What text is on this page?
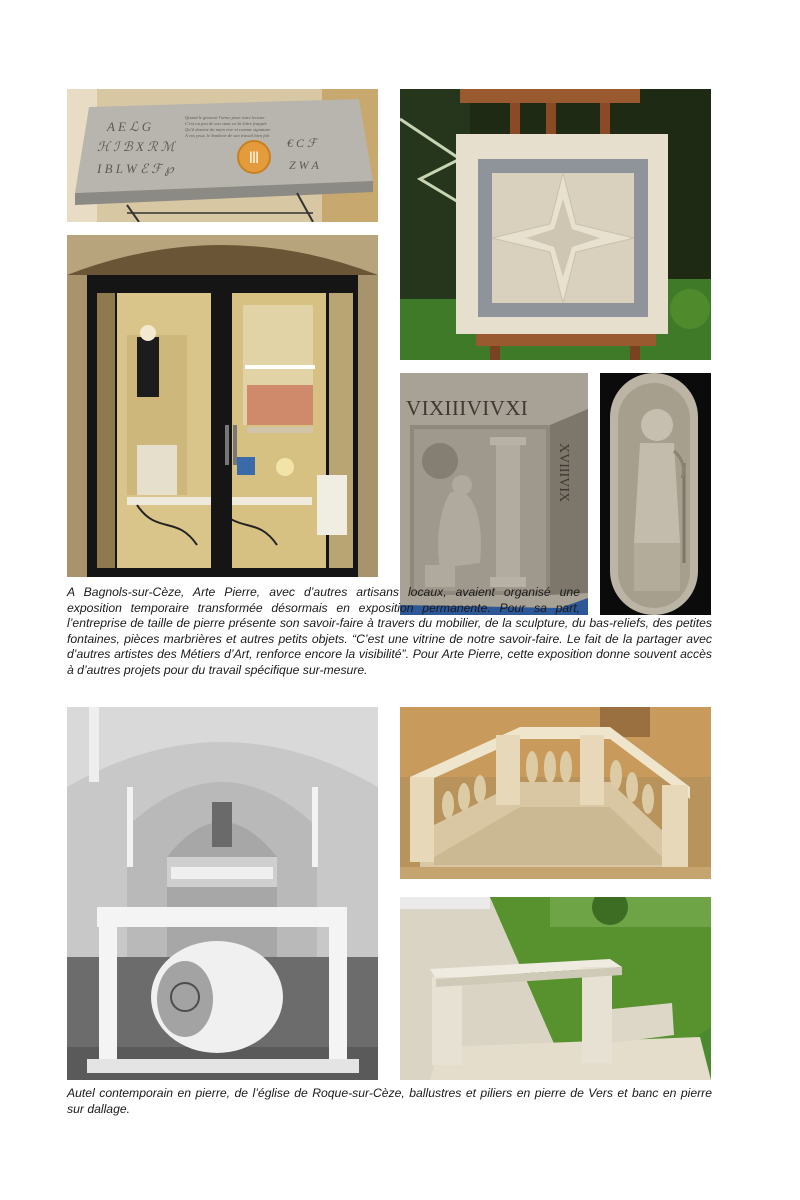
A E ℒ G
ℋ ℐ ℬ X ℛ ℳ
I B L W ℰ ℱ ℘
Ⅲ
€ C ℱ
Z W A
Quand le graveur l'arme pour votre lecture
C'est un peu de son cœur en la lettre frappée
Qu'il dessine du main vive et comme signature
A vos yeux, le bonheur de son travail bien fait
VIXIIIVIVXI
XVIIIVIX
A Bagnols-sur-Cèze, Arte Pierre, avec d’autres artisans locaux, avaient organisé une exposition temporaire transformée désormais en exposition permanente. Pour sa part, l’entreprise de taille de pierre présente son savoir-faire à travers du mobilier, de la sculpture, du bas-reliefs, des petites fontaines, pièces marbrières et autres petits objets. “C’est une vitrine de notre savoir-faire. Le fait de la partager avec d’autres artistes des Métiers d’Art, renforce encore la visibilité”. Pour Arte Pierre, cette exposition donne souvent accès à d’autres projets pour du travail spécifique sur-mesure.
Autel contemporain en pierre, de l’église de Roque-sur-Cèze, ballustres et piliers en pierre de Vers et banc en pierre sur dallage.
